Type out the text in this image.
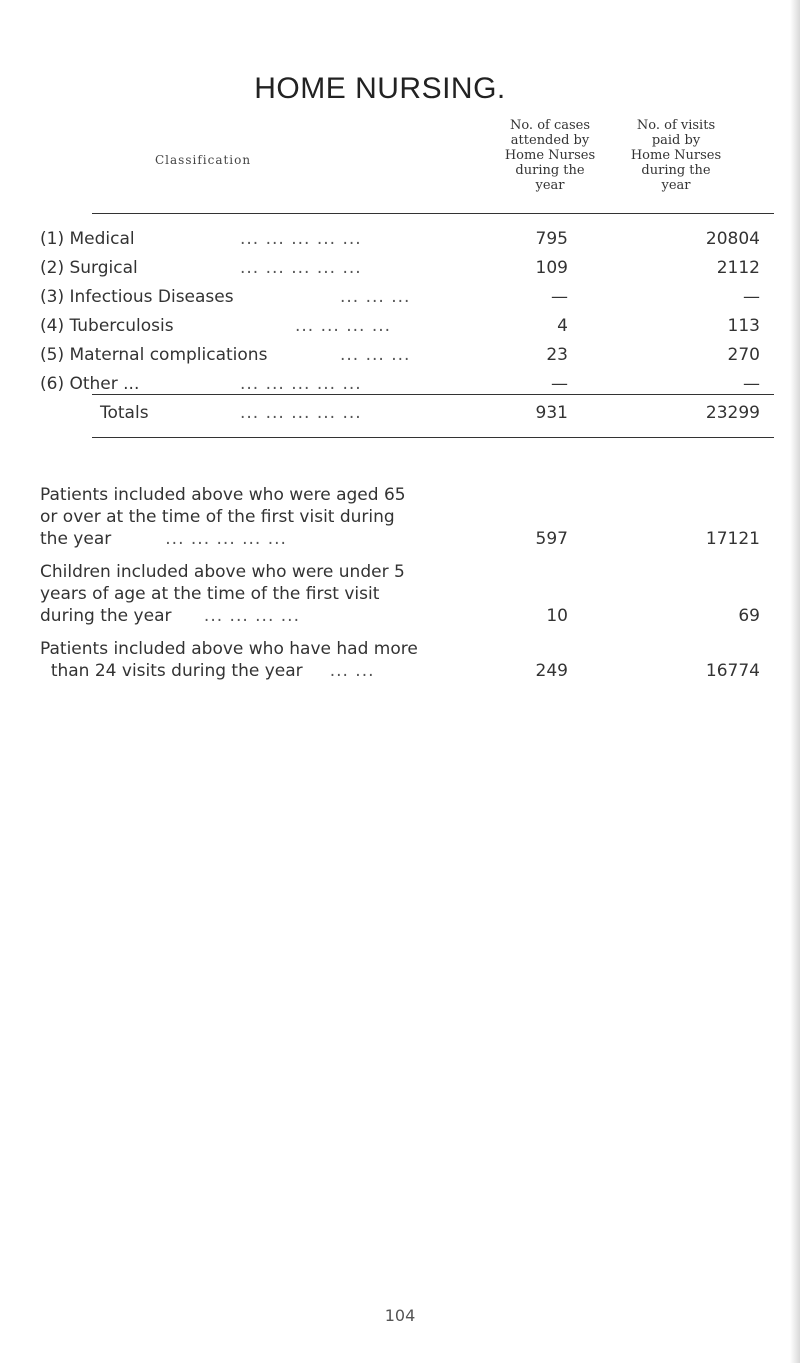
HOME NURSING.
Classification
No. of cases
attended by
Home Nurses
during the
year
No. of visits
paid by
Home Nurses
during the
year
(1) Medical	... ... ... ... ...	795	20804
(2) Surgical	... ... ... ... ...	109	2112
(3) Infectious Diseases	... ... ...	—	—
(4) Tuberculosis	... ... ... ...	4	113
(5) Maternal complications	... ... ...	23	270
(6) Other ...	... ... ... ... ...	—	—
Totals	... ... ... ... ...	931	23299
Patients included above who were aged 65
or over at the time of the first visit during
the year	... ... ... ... ...	597	17121
Children included above who were under 5
years of age at the time of the first visit
during the year ... ... ... ...	10	69
Patients included above who have had more
than 24 visits during the year ... ...	249	16774
104
